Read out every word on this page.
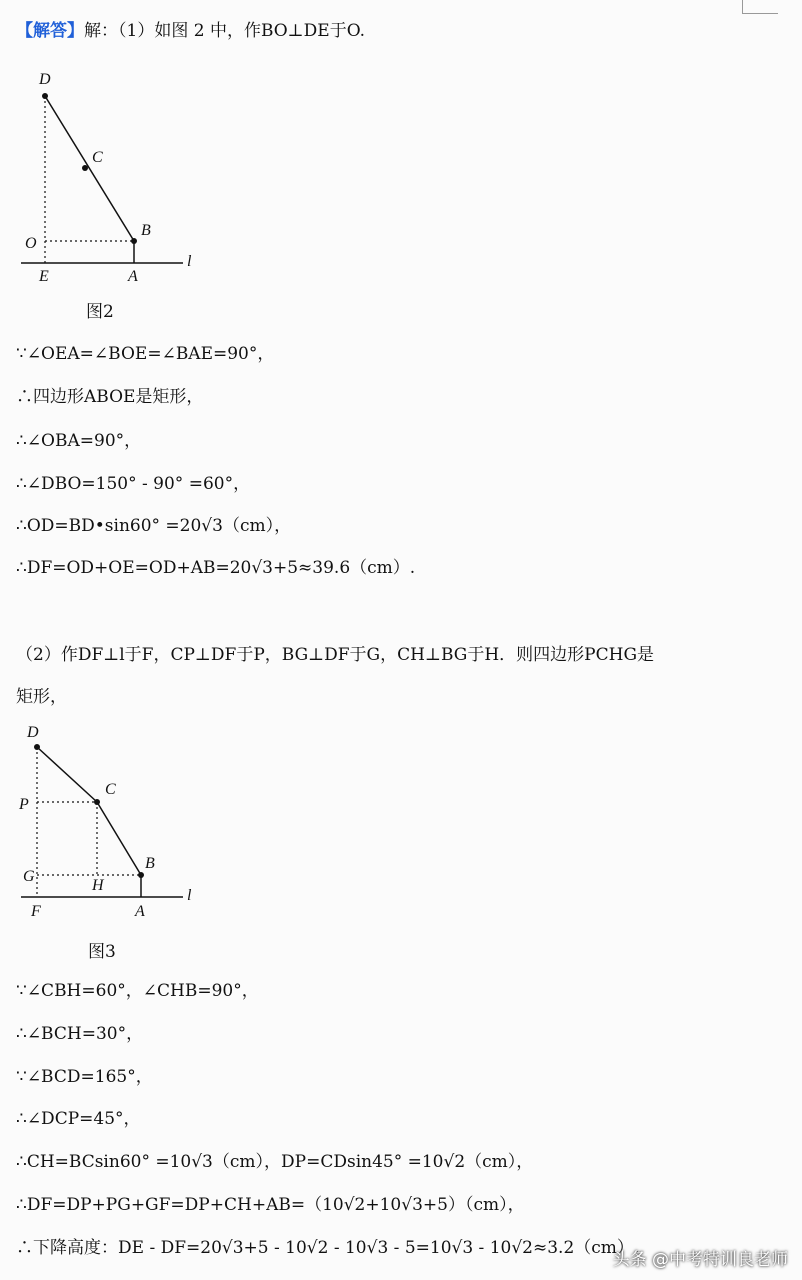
【解答】解：（1）如图 2 中，作BO⊥DE于O.
D
C
B
O
E	A
l
图2
∵∠OEA=∠BOE=∠BAE=90°，
∴四边形ABOE是矩形，
∴∠OBA=90°，
∴∠DBO=150° - 90° =60°，
∴OD=BD•sin60° =20√3（cm），
∴DF=OD+OE=OD+AB=20√3+5≈39.6（cm）.
（2）作DF⊥l于F，CP⊥DF于P，BG⊥DF于G，CH⊥BG于H．则四边形PCHG是
矩形，
D
C
B
P
G
H
F	A
l
图3
∵∠CBH=60°，∠CHB=90°，
∴∠BCH=30°，
∵∠BCD=165°，
∴∠DCP=45°，
∴CH=BCsin60° =10√3（cm），DP=CDsin45° =10√2（cm），
∴DF=DP+PG+GF=DP+CH+AB=（10√2+10√3+5）（cm），
∴下降高度：DE - DF=20√3+5 - 10√2 - 10√3 - 5=10√3 - 10√2≈3.2（cm）.
头条 @中考特训良老师
